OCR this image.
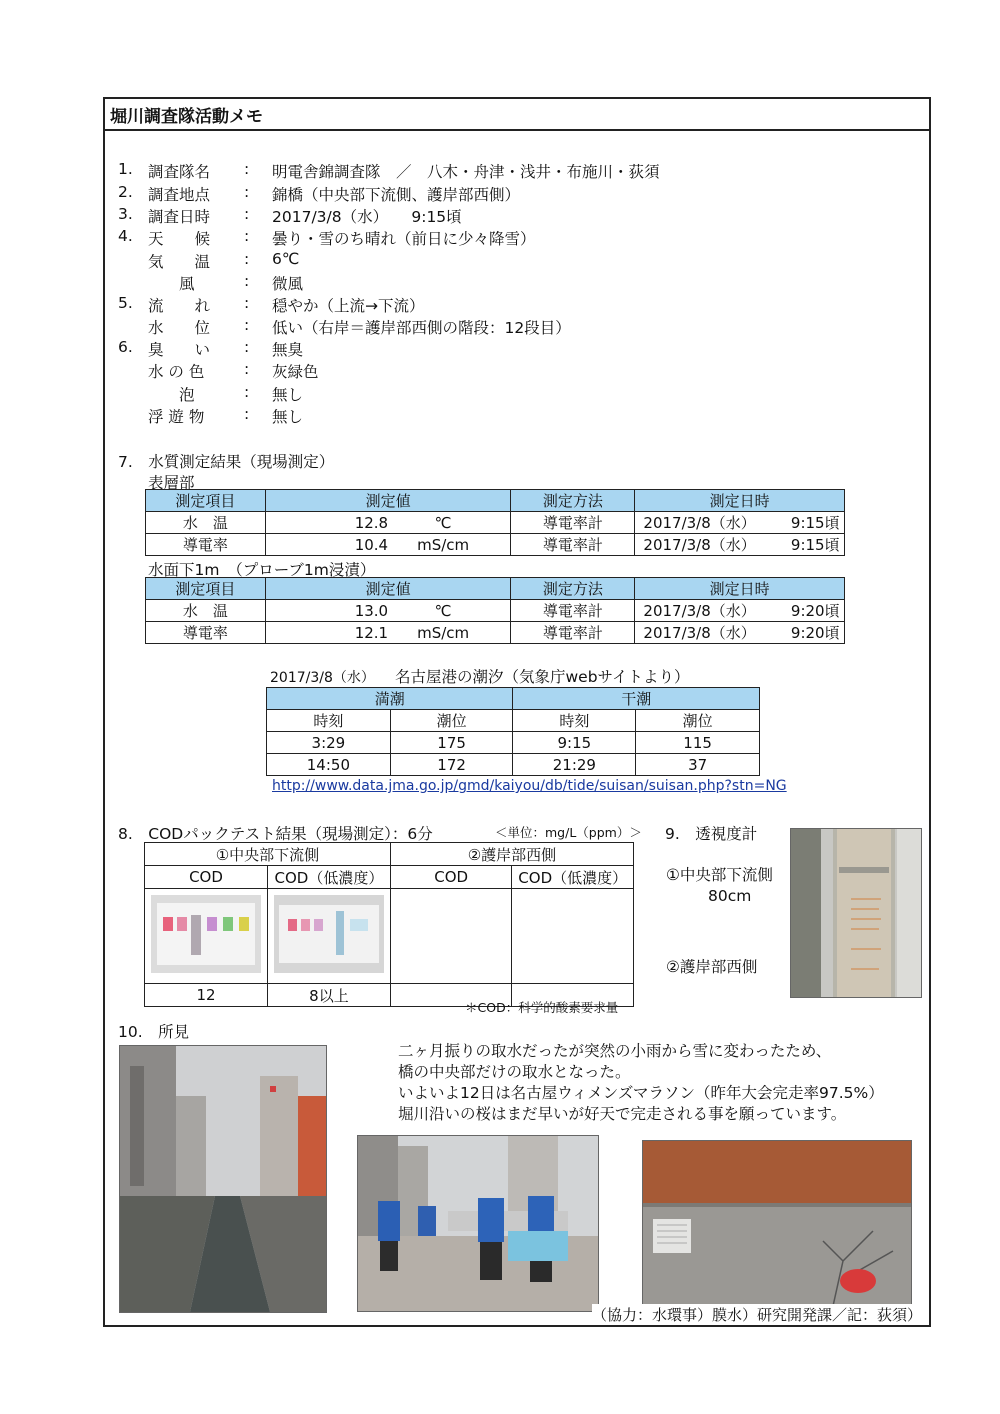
堀川調査隊活動メモ
1. 調査隊名 : 明電舎錦調査隊　／　八木・舟津・浅井・布施川・荻須
2. 調査地点 : 錦橋（中央部下流側、護岸部西側）
3. 調査日時 : 2017/3/8（水）　　9:15頃
4. 天　　候 : 曇り・雪のち晴れ（前日に少々降雪）
気　　温 : 6℃
　　風	: 微風
5. 流　　れ : 穏やか（上流→下流）
水　　位 : 低い（右岸＝護岸部西側の階段：12段目）
6. 臭　　い : 無臭
水 の 色	: 灰緑色
　　泡	: 無し
浮 遊 物	: 無し
7.　水質測定結果（現場測定）
表層部
測定項目	測定値	測定方法	測定日時
水　温	12.8 ℃	導電率計	2017/3/8（水） 9:15頃
導電率	10.4 mS/cm	導電率計	2017/3/8（水） 9:15頃
水面下1m　（プローブ1m浸漬）
測定項目	測定値	測定方法	測定日時
水　温	13.0 ℃	導電率計	2017/3/8（水） 9:20頃
導電率	12.1 mS/cm	導電率計	2017/3/8（水） 9:20頃
2017/3/8（水） 名古屋港の潮汐（気象庁webサイトより）
満潮		干潮	
時刻	潮位	時刻	潮位
3:29	175	9:15	115
14:50	172	21:29	37
http://www.data.jma.go.jp/gmd/kaiyou/db/tide/suisan/suisan.php?stn=NG
8.　CODパックテスト結果（現場測定）：6分	＜単位：mg/L（ppm）＞
①中央部下流側		②護岸部西側	
COD	COD（低濃度）	COD	COD（低濃度）

12	8以上		
＊COD：科学的酸素要求量
9.　透視度計
①中央部下流側
80cm
②護岸部西側
10.　所見
二ヶ月振りの取水だったが突然の小雨から雪に変わったため、
橋の中央部だけの取水となった。
いよいよ12日は名古屋ウィメンズマラソン（昨年大会完走率97.5%）
堀川沿いの桜はまだ早いが好天で完走される事を願っています。
（協力：水環事）膜水）研究開発課／記：荻須）
